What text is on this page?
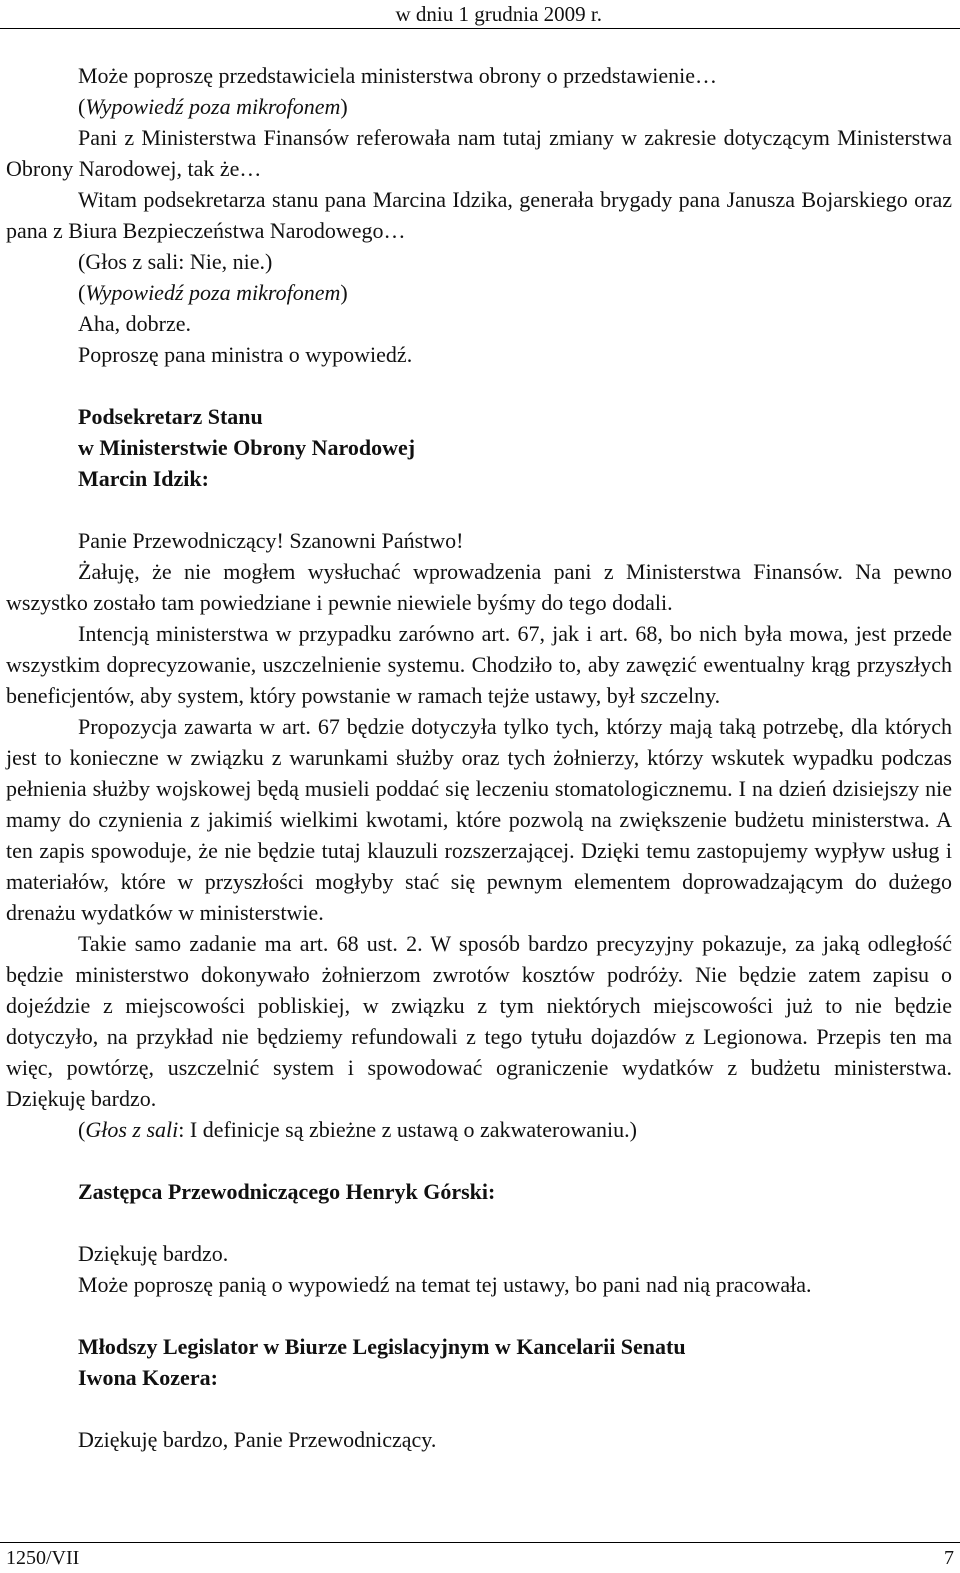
w dniu 1 grudnia 2009 r.

Może poproszę przedstawiciela ministerstwa obrony o przedstawienie…

(Wypowiedź poza mikrofonem)

Pani z Ministerstwa Finansów referowała nam tutaj zmiany w zakresie dotyczącym Ministerstwa Obrony Narodowej, tak że…

Witam podsekretarza stanu pana Marcina Idzika, generała brygady pana Janusza Bojarskiego oraz pana z Biura Bezpieczeństwa Narodowego…

(Głos z sali: Nie, nie.)

(Wypowiedź poza mikrofonem)

Aha, dobrze.

Poproszę pana ministra o wypowiedź.

Podsekretarz Stanu
w Ministerstwie Obrony Narodowej
Marcin Idzik:

Panie Przewodniczący! Szanowni Państwo!

Żałuję, że nie mogłem wysłuchać wprowadzenia pani z Ministerstwa Finansów. Na pewno wszystko zostało tam powiedziane i pewnie niewiele byśmy do tego dodali.

Intencją ministerstwa w przypadku zarówno art. 67, jak i art. 68, bo nich była mowa, jest przede wszystkim doprecyzowanie, uszczelnienie systemu. Chodziło to, aby zawęzić ewentualny krąg przyszłych beneficjentów, aby system, który powstanie w ramach tejże ustawy, był szczelny.

Propozycja zawarta w art. 67 będzie dotyczyła tylko tych, którzy mają taką potrzebę, dla których jest to konieczne w związku z warunkami służby oraz tych żołnierzy, którzy wskutek wypadku podczas pełnienia służby wojskowej będą musieli poddać się leczeniu stomatologicznemu. I na dzień dzisiejszy nie mamy do czynienia z jakimiś wielkimi kwotami, które pozwolą na zwiększenie budżetu ministerstwa. A ten zapis spowoduje, że nie będzie tutaj klauzuli rozszerzającej. Dzięki temu zastopujemy wypływ usług i materiałów, które w przyszłości mogłyby stać się pewnym elementem doprowadzającym do dużego drenażu wydatków w ministerstwie.

Takie samo zadanie ma art. 68 ust. 2. W sposób bardzo precyzyjny pokazuje, za jaką odległość będzie ministerstwo dokonywało żołnierzom zwrotów kosztów podróży. Nie będzie zatem zapisu o dojeździe z miejscowości pobliskiej, w związku z tym niektórych miejscowości już to nie będzie dotyczyło, na przykład nie będziemy refundowali z tego tytułu dojazdów z Legionowa. Przepis ten ma więc, powtórzę, uszczelnić system i spowodować ograniczenie wydatków z budżetu ministerstwa. Dziękuję bardzo.

(Głos z sali: I definicje są zbieżne z ustawą o zakwaterowaniu.)

Zastępca Przewodniczącego Henryk Górski:

Dziękuję bardzo.

Może poproszę panią o wypowiedź na temat tej ustawy, bo pani nad nią pracowała.

Młodszy Legislator w Biurze Legislacyjnym w Kancelarii Senatu
Iwona Kozera:

Dziękuję bardzo, Panie Przewodniczący.

1250/VII	7
